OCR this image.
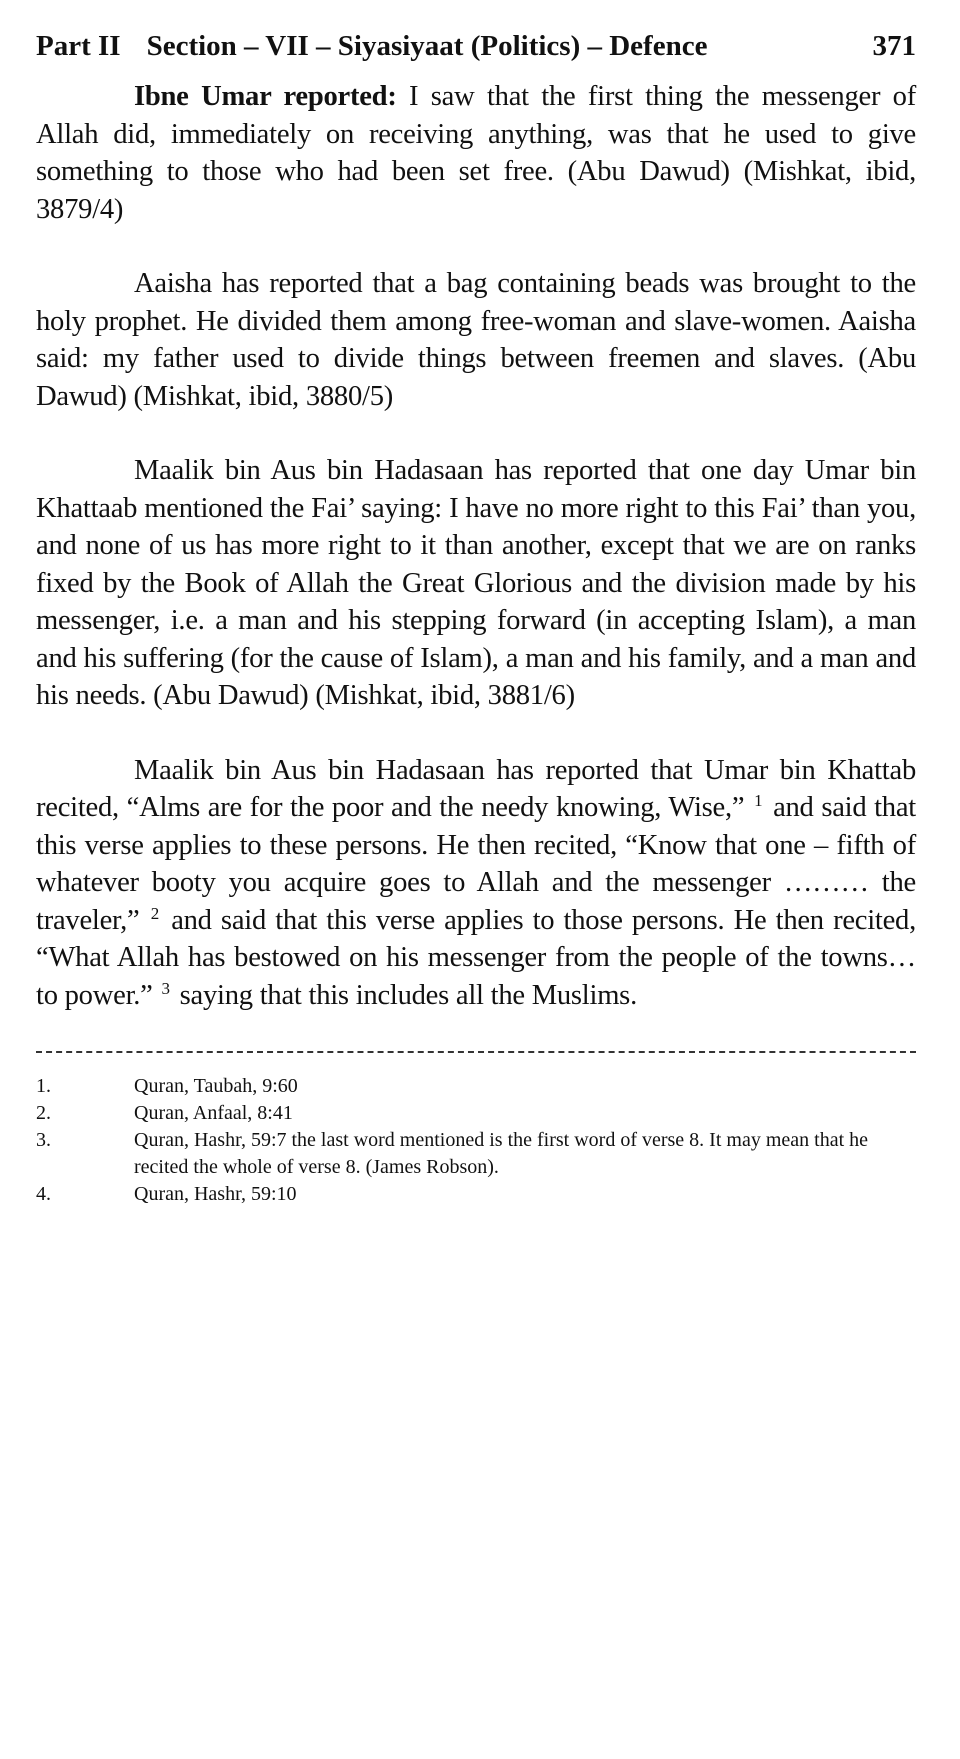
Part II Section – VII – Siyasiyaat (Politics) – Defence	371

Ibne Umar reported: I saw that the first thing the messenger of Allah did, immediately on receiving anything, was that he used to give something to those who had been set free. (Abu Dawud) (Mishkat, ibid, 3879/4)

Aaisha has reported that a bag containing beads was brought to the holy prophet. He divided them among free-woman and slave-women. Aaisha said: my father used to divide things between freemen and slaves. (Abu Dawud) (Mishkat, ibid, 3880/5)

Maalik bin Aus bin Hadasaan has reported that one day Umar bin Khattaab mentioned the Fai’ saying: I have no more right to this Fai’ than you, and none of us has more right to it than another, except that we are on ranks fixed by the Book of Allah the Great Glorious and the division made by his messenger, i.e. a man and his stepping forward (in accepting Islam), a man and his suffering (for the cause of Islam), a man and his family, and a man and his needs. (Abu Dawud) (Mishkat, ibid, 3881/6)

Maalik bin Aus bin Hadasaan has reported that Umar bin Khattab recited, “Alms are for the poor and the needy knowing, Wise,” $^1$ and said that this verse applies to these persons. He then recited, “Know that one – fifth of whatever booty you acquire goes to Allah and the messenger ……… the traveler,” $^2$ and said that this verse applies to those persons. He then recited, “What Allah has bestowed on his messenger from the people of the towns… to power.” $^3$ saying that this includes all the Muslims.

1.	Quran, Taubah, 9:60
2.	Quran, Anfaal, 8:41
3.	Quran, Hashr, 59:7 the last word mentioned is the first word of verse 8. It may mean that he recited the whole of verse 8. (James Robson).
4.	Quran, Hashr, 59:10
